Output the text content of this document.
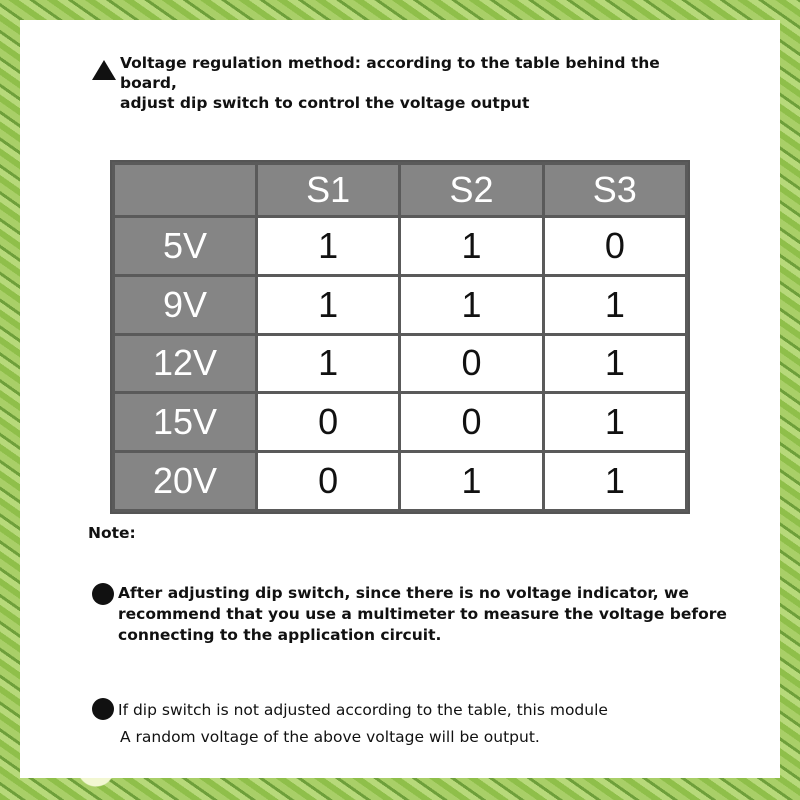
Voltage regulation method: according to the table behind the board,
adjust dip switch to control the voltage output
	S1	S2	S3
5V	1	1	0
9V	1	1	1
12V	1	0	1
15V	0	0	1
20V	0	1	1
Note:
After adjusting dip switch, since there is no voltage indicator, we
recommend that you use a multimeter to measure the voltage before
connecting to the application circuit.
If dip switch is not adjusted according to the table, this module
A random voltage of the above voltage will be output.
